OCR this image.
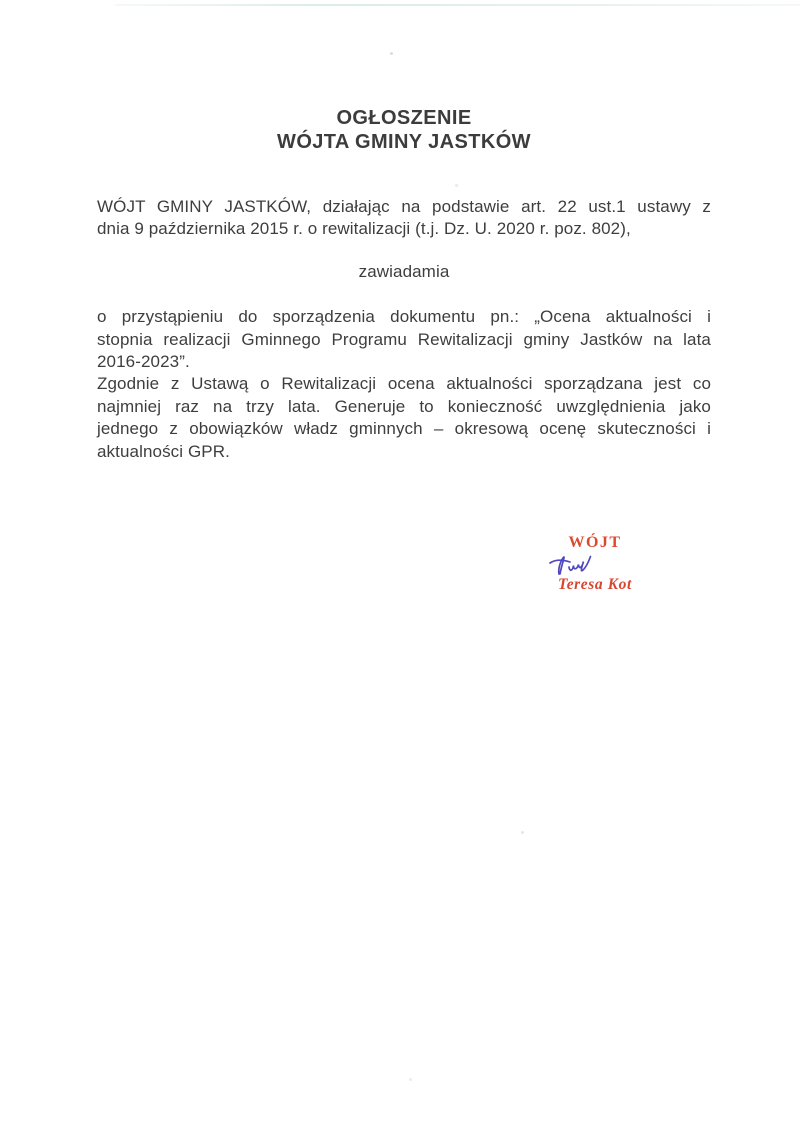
OGŁOSZENIE
WÓJTA GMINY JASTKÓW
WÓJT GMINY JASTKÓW, działając na podstawie art. 22 ust.1 ustawy z
dnia 9 października 2015 r. o rewitalizacji (t.j. Dz. U. 2020 r. poz. 802),
zawiadamia
o przystąpieniu do sporządzenia dokumentu pn.: „Ocena aktualności i
stopnia realizacji Gminnego Programu Rewitalizacji gminy Jastków na lata
2016-2023”.
Zgodnie z Ustawą o Rewitalizacji ocena aktualności sporządzana jest co
najmniej raz na trzy lata. Generuje to konieczność uwzględnienia jako
jednego z obowiązków władz gminnych – okresową ocenę skuteczności i
aktualności GPR.
WÓJT
Teresa Kot
